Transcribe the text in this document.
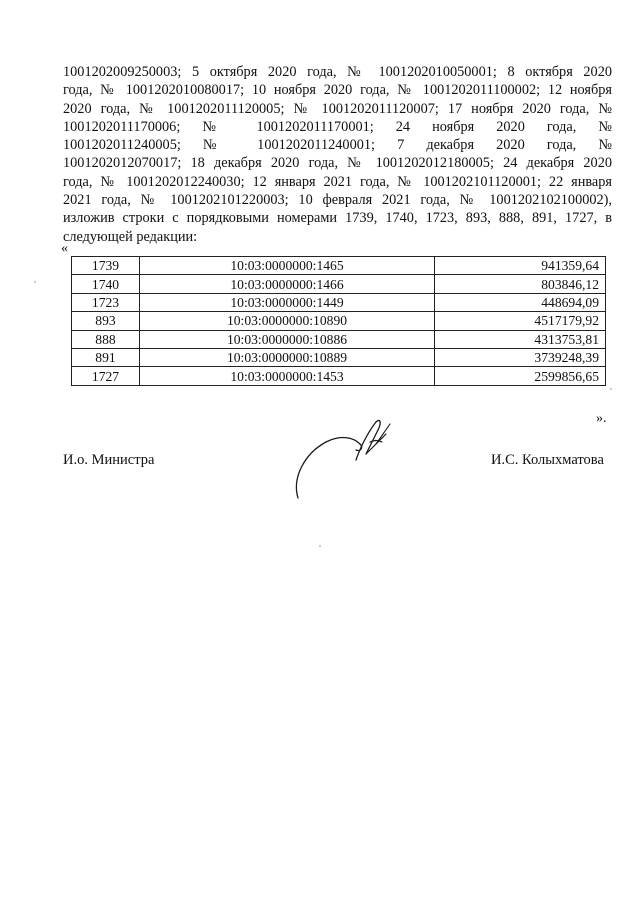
1001202009250003; 5 октября 2020 года, № 1001202010050001; 8 октября 2020
года, № 1001202010080017; 10 ноября 2020 года, № 1001202011100002; 12 ноября
2020 года, № 1001202011120005; № 1001202011120007; 17 ноября 2020 года, №
1001202011170006; № 1001202011170001; 24 ноября 2020 года, №
1001202011240005; № 1001202011240001; 7 декабря 2020 года, №
1001202012070017; 18 декабря 2020 года, № 1001202012180005; 24 декабря 2020
года, № 1001202012240030; 12 января 2021 года, № 1001202101120001; 22 января
2021 года, № 1001202101220003; 10 февраля 2021 года, № 1001202102100002),
изложив строки с порядковыми номерами 1739, 1740, 1723, 893, 888, 891, 1727, в
следующей редакции:
«
1739	10:03:0000000:1465	941359,64
1740	10:03:0000000:1466	803846,12
1723	10:03:0000000:1449	448694,09
893	10:03:0000000:10890	4517179,92
888	10:03:0000000:10886	4313753,81
891	10:03:0000000:10889	3739248,39
1727	10:03:0000000:1453	2599856,65
».
И.о. Министра	И.С. Колыхматова
